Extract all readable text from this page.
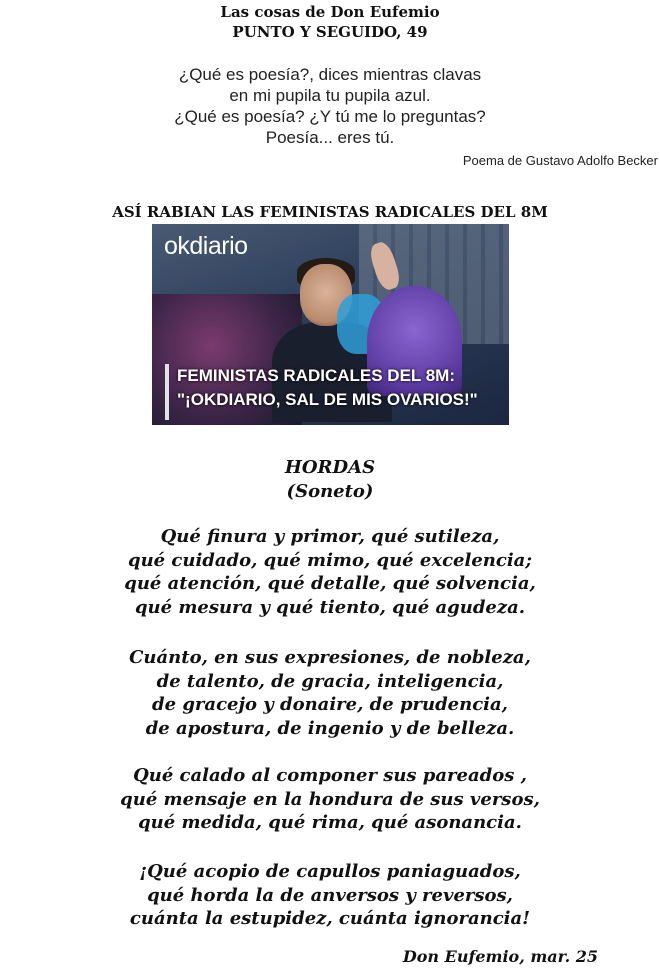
Las cosas de Don Eufemio
PUNTO Y SEGUIDO, 49
¿Qué es poesía?, dices mientras clavas
en mi pupila tu pupila azul.
¿Qué es poesía? ¿Y tú me lo preguntas?
Poesía... eres tú.
Poema de Gustavo Adolfo Becker
ASÍ RABIAN LAS FEMINISTAS RADICALES DEL 8M
okdiario
FEMINISTAS RADICALES DEL 8M:
"¡OKDIARIO, SAL DE MIS OVARIOS!"
HORDAS
(Soneto)
Qué finura y primor, qué sutileza,
qué cuidado, qué mimo, qué excelencia;
qué atención, qué detalle, qué solvencia,
qué mesura y qué tiento, qué agudeza.
Cuánto, en sus expresiones, de nobleza,
de talento, de gracia, inteligencia,
de gracejo y donaire, de prudencia,
de apostura, de ingenio y de belleza.
Qué calado al componer sus pareados ,
qué mensaje en la hondura de sus versos,
qué medida, qué rima, qué asonancia.
¡Qué acopio de capullos paniaguados,
qué horda la de anversos y reversos,
cuánta la estupidez, cuánta ignorancia!
Don Eufemio, mar. 25
